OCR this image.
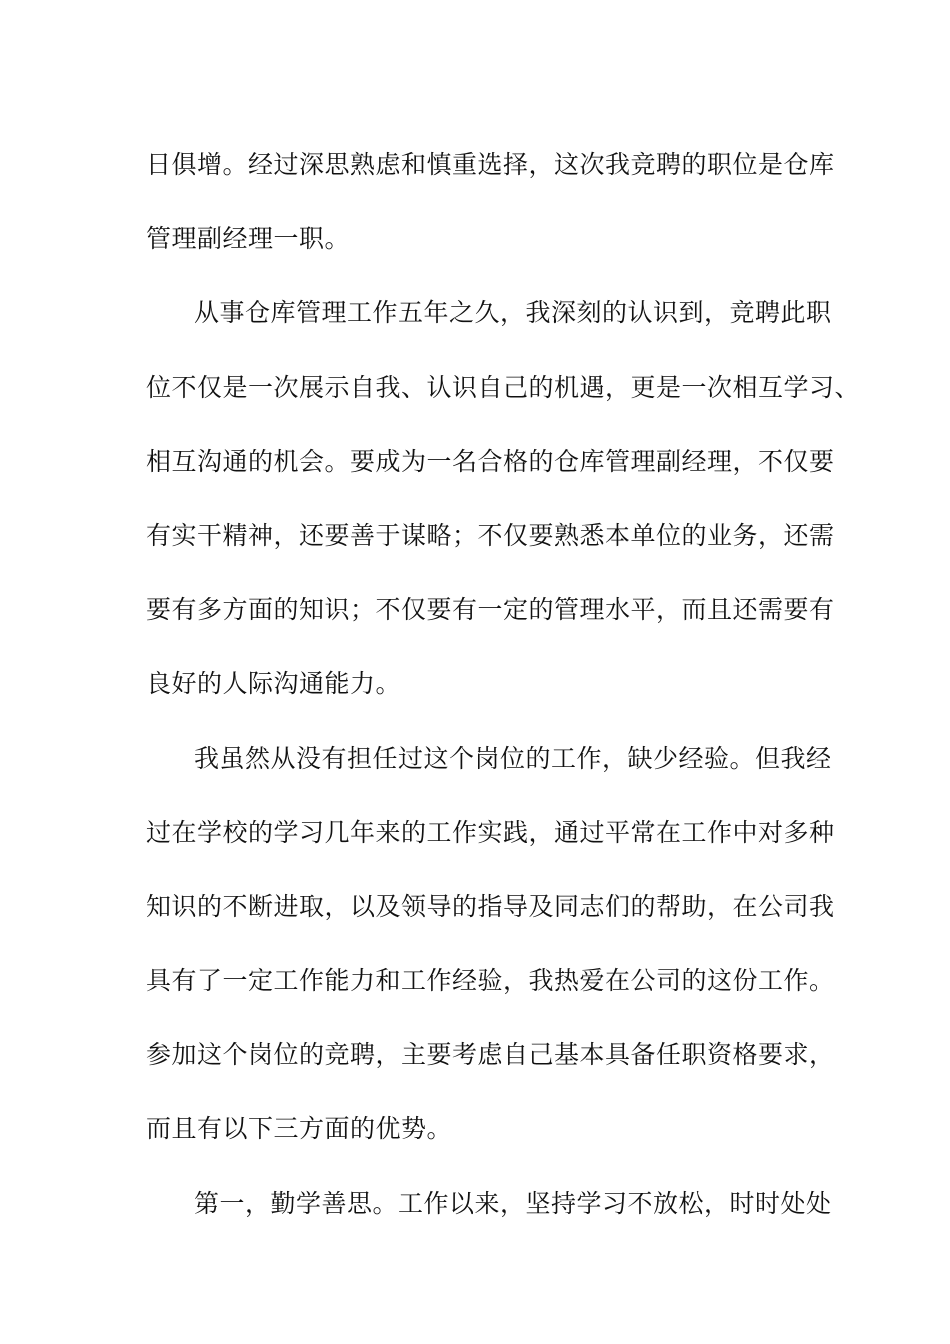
日俱增。经过深思熟虑和慎重选择，这次我竞聘的职位是仓库
管理副经理一职。
从事仓库管理工作五年之久，我深刻的认识到，竞聘此职
位不仅是一次展示自我、认识自己的机遇，更是一次相互学习、
相互沟通的机会。要成为一名合格的仓库管理副经理，不仅要
有实干精神，还要善于谋略；不仅要熟悉本单位的业务，还需
要有多方面的知识；不仅要有一定的管理水平，而且还需要有
良好的人际沟通能力。
我虽然从没有担任过这个岗位的工作，缺少经验。但我经
过在学校的学习几年来的工作实践，通过平常在工作中对多种
知识的不断进取，以及领导的指导及同志们的帮助，在公司我
具有了一定工作能力和工作经验，我热爱在公司的这份工作。
参加这个岗位的竞聘，主要考虑自己基本具备任职资格要求，
而且有以下三方面的优势。
第一，勤学善思。工作以来，坚持学习不放松，时时处处
